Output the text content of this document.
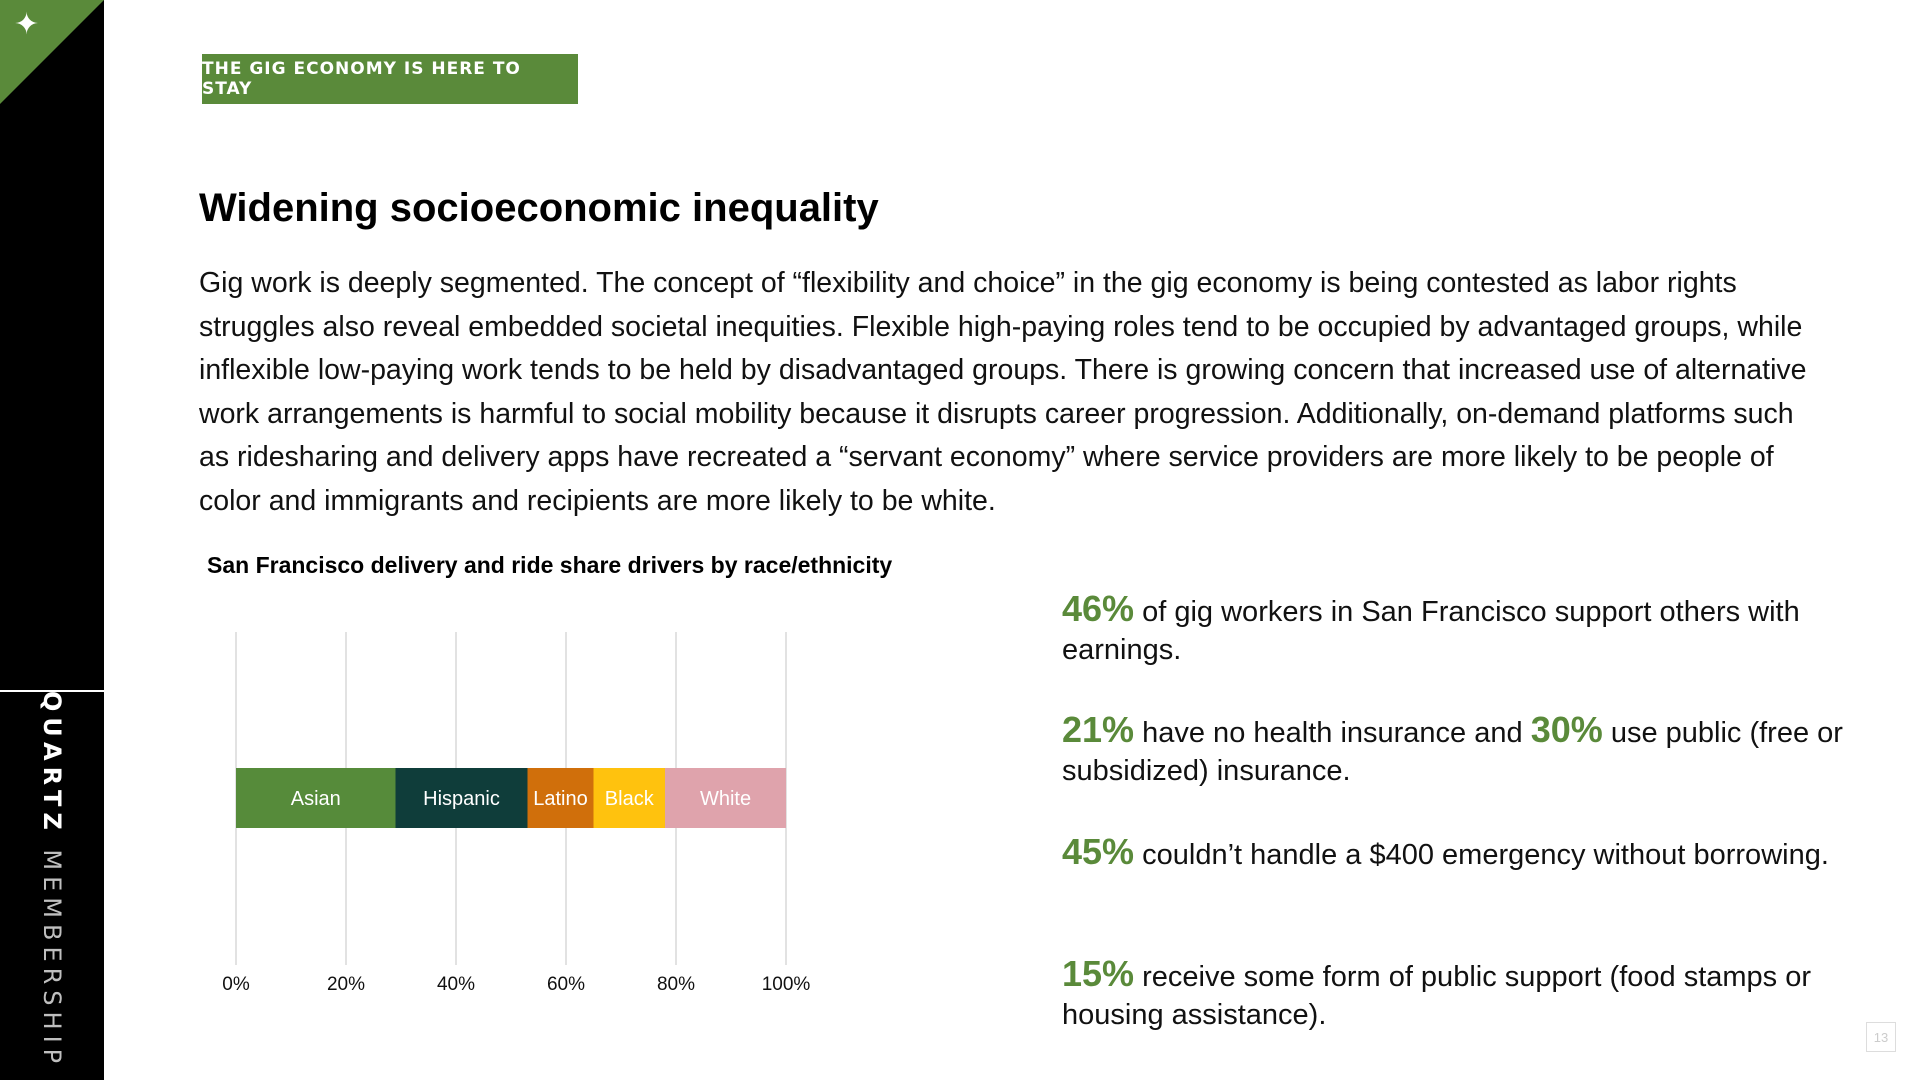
✦
QUARTZ MEMBERSHIP
THE GIG ECONOMY IS HERE TO STAY
Widening socioeconomic inequality

Gig work is deeply segmented. The concept of “flexibility and choice” in the gig economy is being contested as labor rights struggles also reveal embedded societal inequities. Flexible high-paying roles tend to be occupied by advantaged groups, while inflexible low-paying work tends to be held by disadvantaged groups. There is growing concern that increased use of alternative work arrangements is harmful to social mobility because it disrupts career progression. Additionally, on-demand platforms such as ridesharing and delivery apps have recreated a “servant economy” where service providers are more likely to be people of color and immigrants and recipients are more likely to be white.

San Francisco delivery and ride share drivers by race/ethnicity
0%	20%	40%	60%	80%	100%
Asian	Hispanic Latino Black White
46% of gig workers in San Francisco support others with earnings.
21% have no health insurance and 30% use public (free or subsidized) insurance.
45% couldn’t handle a $400 emergency without borrowing.
15% receive some form of public support (food stamps or housing assistance).
13
